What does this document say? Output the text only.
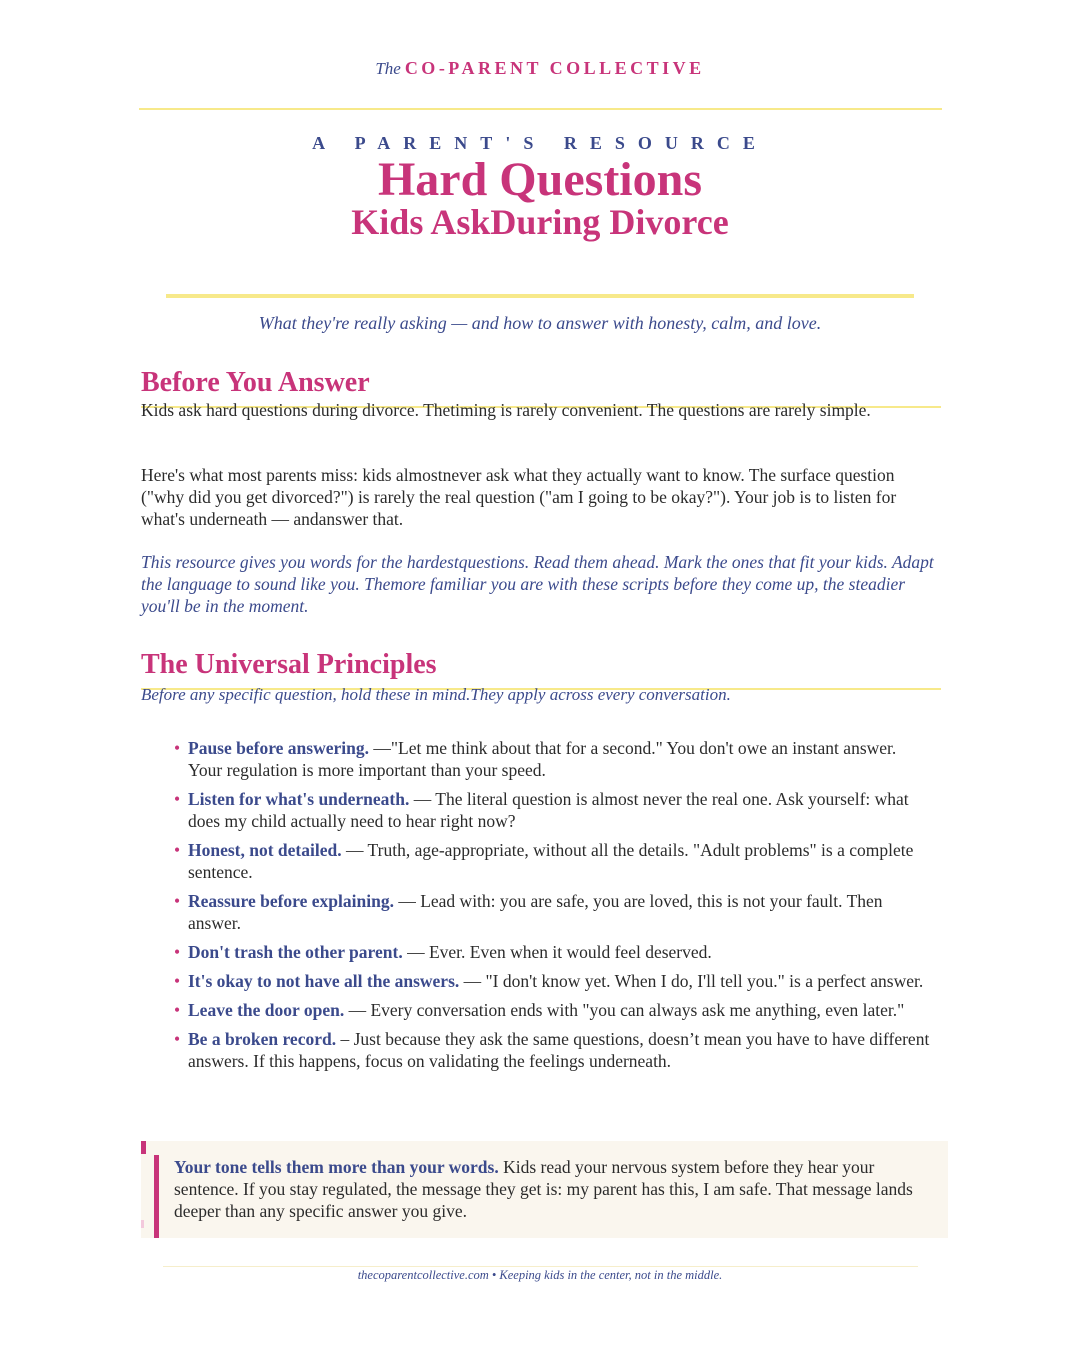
The CO-PARENT COLLECTIVE
A PARENT'S RESOURCE
Hard Questions
Kids AskDuring Divorce
What they're really asking — and how to answer with honesty, calm, and love.
Before You Answer
Kids ask hard questions during divorce. Thetiming is rarely convenient. The questions are rarely simple.
Here's what most parents miss: kids almostnever ask what they actually want to know. The surface question ("why did you get divorced?") is rarely the real question ("am I going to be okay?"). Your job is to listen for what's underneath — andanswer that.
This resource gives you words for the hardestquestions. Read them ahead. Mark the ones that fit your kids. Adapt the language to sound like you. Themore familiar you are with these scripts before they come up, the steadier you'll be in the moment.
The Universal Principles
Before any specific question, hold these in mind.They apply across every conversation.
• Pause before answering. —"Let me think about that for a second." You don't owe an instant answer. Your regulation is more important than your speed.
• Listen for what's underneath. — The literal question is almost never the real one. Ask yourself: what does my child actually need to hear right now?
• Honest, not detailed. — Truth, age-appropriate, without all the details. "Adult problems" is a complete sentence.
• Reassure before explaining. — Lead with: you are safe, you are loved, this is not your fault. Then answer.
• Don't trash the other parent. — Ever. Even when it would feel deserved.
• It's okay to not have all the answers. — "I don't know yet. When I do, I'll tell you." is a perfect answer.
• Leave the door open. — Every conversation ends with "you can always ask me anything, even later."
• Be a broken record. – Just because they ask the same questions, doesn’t mean you have to have different answers. If this happens, focus on validating the feelings underneath.
Your tone tells them more than your words. Kids read your nervous system before they hear your sentence. If you stay regulated, the message they get is: my parent has this, I am safe. That message lands deeper than any specific answer you give.
thecoparentcollective.com • Keeping kids in the center, not in the middle.
